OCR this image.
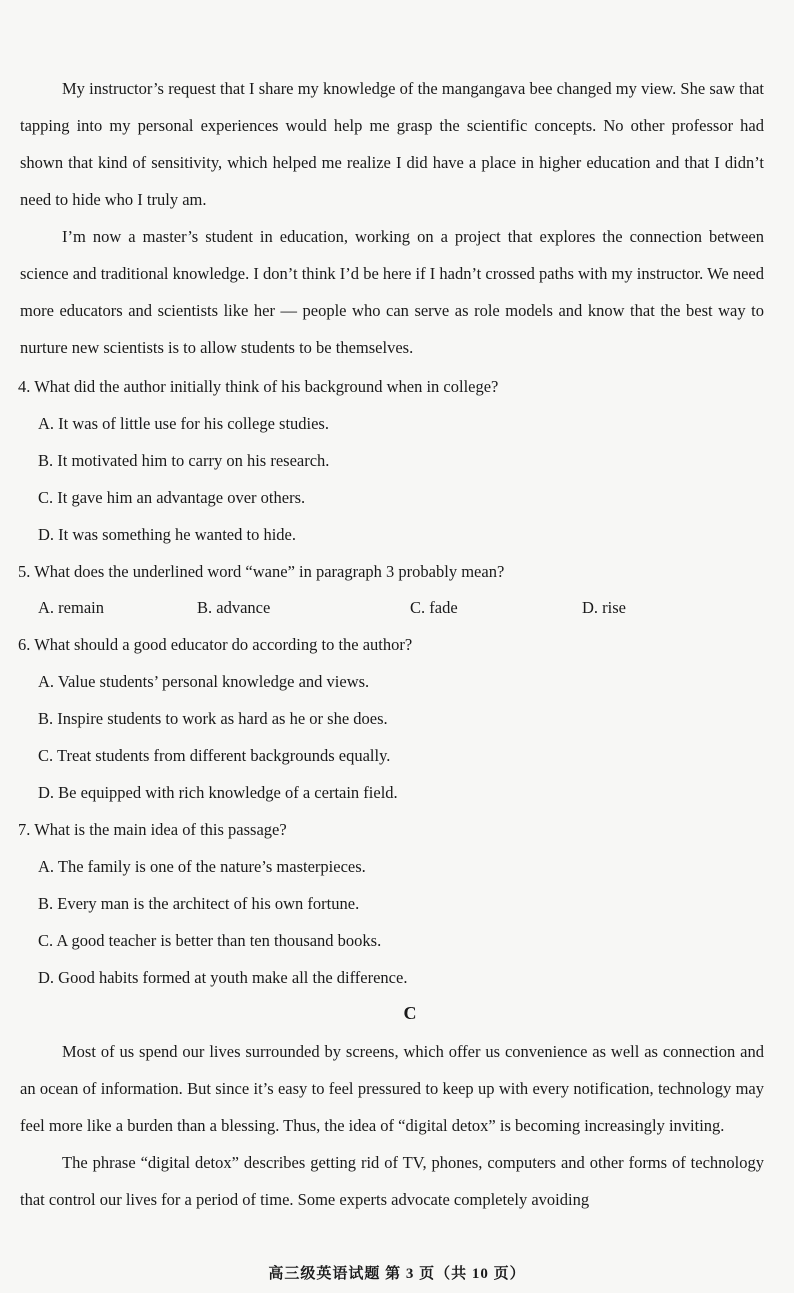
My instructor’s request that I share my knowledge of the mangangava bee changed my view. She saw that tapping into my personal experiences would help me grasp the scientific concepts. No other professor had shown that kind of sensitivity, which helped me realize I did have a place in higher education and that I didn’t need to hide who I truly am.

I’m now a master’s student in education, working on a project that explores the connection between science and traditional knowledge. I don’t think I’d be here if I hadn’t crossed paths with my instructor. We need more educators and scientists like her — people who can serve as role models and know that the best way to nurture new scientists is to allow students to be themselves.

4. What did the author initially think of his background when in college?
A. It was of little use for his college studies.
B. It motivated him to carry on his research.
C. It gave him an advantage over others.
D. It was something he wanted to hide.
5. What does the underlined word “wane” in paragraph 3 probably mean?
A. remain	B. advance	C. fade	D. rise
6. What should a good educator do according to the author?
A. Value students’ personal knowledge and views.
B. Inspire students to work as hard as he or she does.
C. Treat students from different backgrounds equally.
D. Be equipped with rich knowledge of a certain field.
7. What is the main idea of this passage?
A. The family is one of the nature’s masterpieces.
B. Every man is the architect of his own fortune.
C. A good teacher is better than ten thousand books.
D. Good habits formed at youth make all the difference.
C

Most of us spend our lives surrounded by screens, which offer us convenience as well as connection and an ocean of information. But since it’s easy to feel pressured to keep up with every notification, technology may feel more like a burden than a blessing. Thus, the idea of “digital detox” is becoming increasingly inviting.

The phrase “digital detox” describes getting rid of TV, phones, computers and other forms of technology that control our lives for a period of time. Some experts advocate completely avoiding

高三级英语试题 第 3 页（共 10 页）
